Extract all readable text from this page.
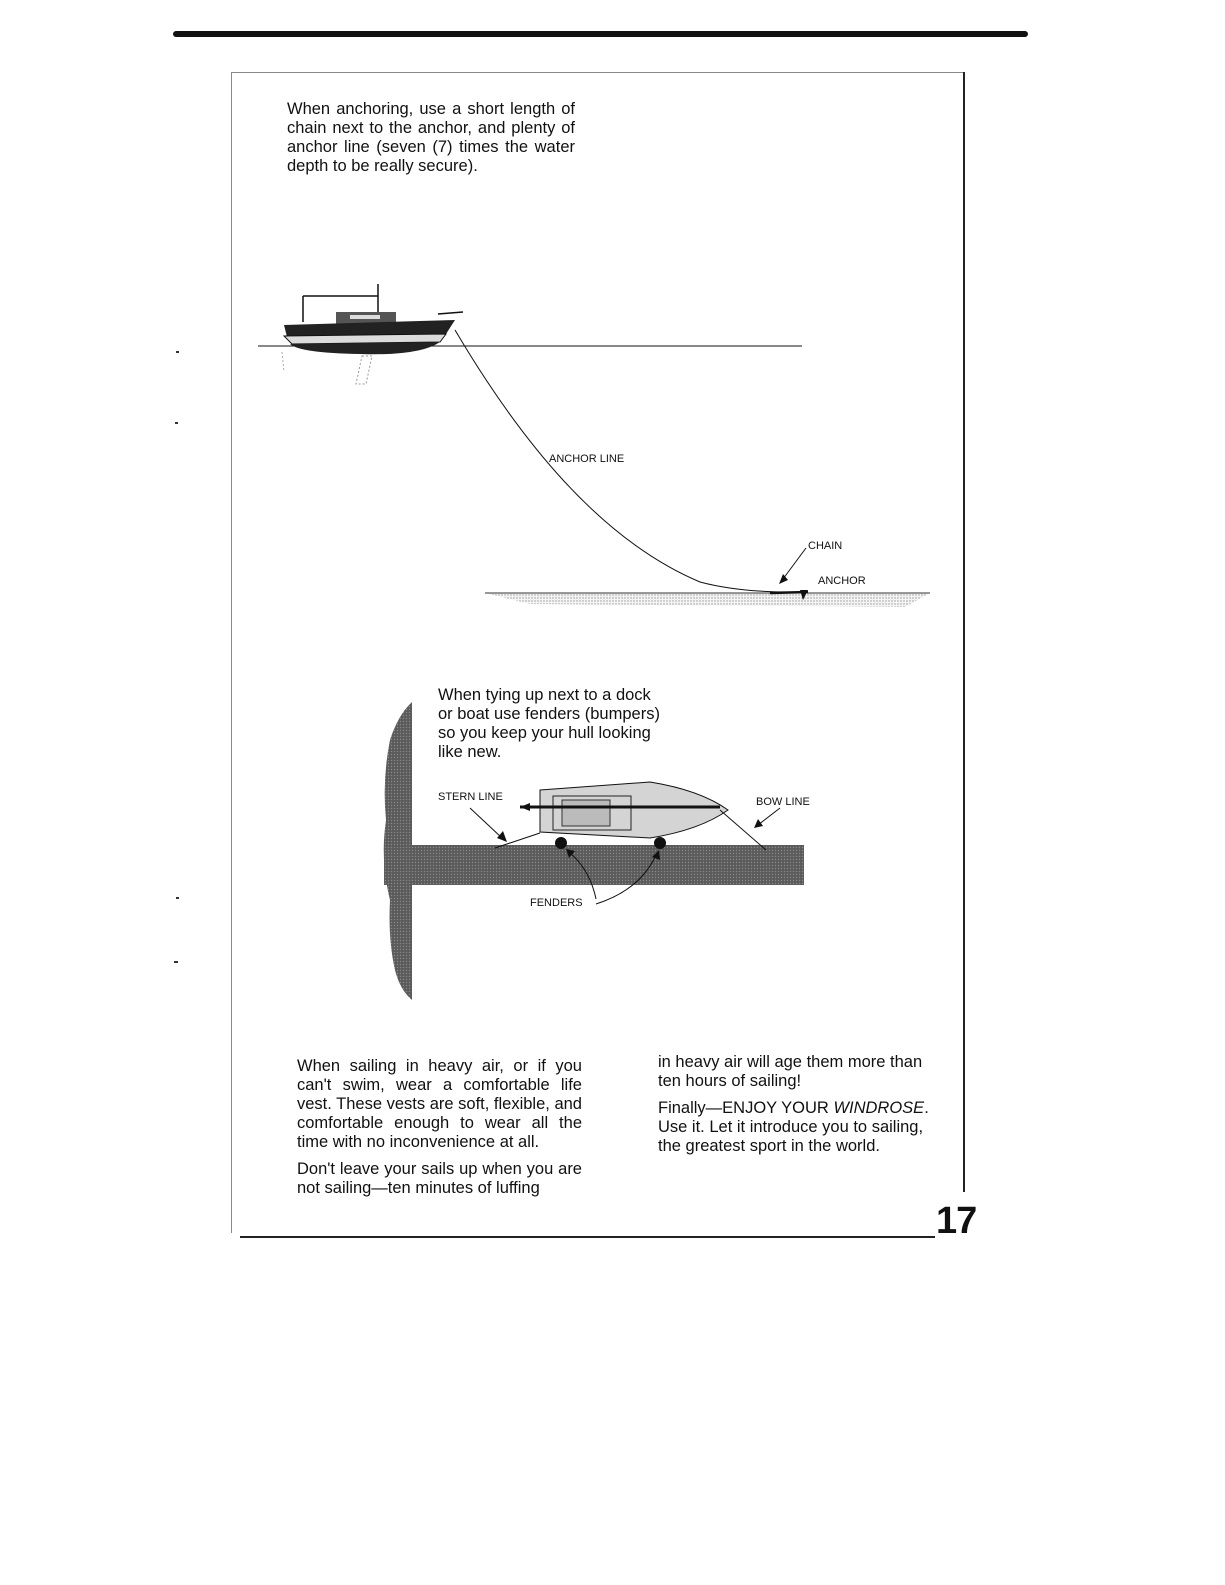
When anchoring, use a short length of chain next to the anchor, and plenty of anchor line (seven (7) times the water depth to be really secure).

ANCHOR LINE
CHAIN
ANCHOR
STERN LINE	BOW LINE
FENDERS

When tying up next to a dock or boat use fenders (bumpers) so you keep your hull looking like new.

When sailing in heavy air, or if you can't swim, wear a comfortable life vest. These vests are soft, flexible, and comfortable enough to wear all the time with no inconvenience at all.

Don't leave your sails up when you are not sailing—ten minutes of luffing

in heavy air will age them more than ten hours of sailing!

Finally—ENJOY YOUR WINDROSE. Use it. Let it introduce you to sailing, the greatest sport in the world.

17
